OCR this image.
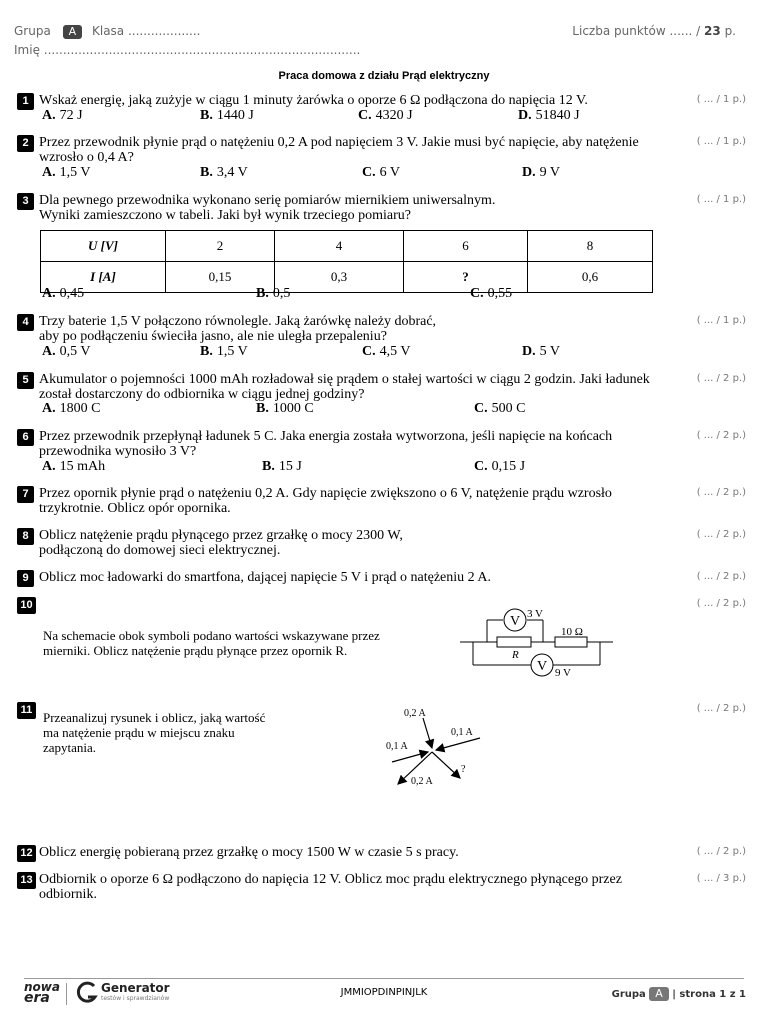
Grupa A Klasa ...................	Liczba punktów ...... / 23 p.
Imię ...................................................................................
Praca domowa z działu Prąd elektryczny
1 Wskaż energię, jaką zużyje w ciągu 1 minuty żarówka o oporze 6 Ω podłączona do napięcia 12 V.	( ... / 1 p.)
A. 72 J	B. 1440 J	C. 4320 J	D. 51840 J
2 Przez przewodnik płynie prąd o natężeniu 0,2 A pod napięciem 3 V. Jakie musi być napięcie, aby natężenie
wzrosło o 0,4 A?
( ... / 1 p.)
A. 1,5 V	B. 3,4 V	C. 6 V	D. 9 V
3 Dla pewnego przewodnika wykonano serię pomiarów miernikiem uniwersalnym.
Wyniki zamieszczono w tabeli. Jaki był wynik trzeciego pomiaru?
( ... / 1 p.)
U [V]	2	4	6	8
I [A]	0,15	0,3	?	0,6
A. 0,45	B. 0,5	C. 0,55
4 Trzy baterie 1,5 V połączono równolegle. Jaką żarówkę należy dobrać,
aby po podłączeniu świeciła jasno, ale nie uległa przepaleniu?
( ... / 1 p.)
A. 0,5 V	B. 1,5 V	C. 4,5 V	D. 5 V
5 Akumulator o pojemności 1000 mAh rozładował się prądem o stałej wartości w ciągu 2 godzin. Jaki ładunek
został dostarczony do odbiornika w ciągu jednej godziny?
( ... / 2 p.)
A. 1800 C	B. 1000 C	C. 500 C
6 Przez przewodnik przepłynął ładunek 5 C. Jaka energia została wytworzona, jeśli napięcie na końcach
przewodnika wynosiło 3 V?
( ... / 2 p.)
A. 15 mAh	B. 15 J	C. 0,15 J
7 Przez opornik płynie prąd o natężeniu 0,2 A. Gdy napięcie zwiększono o 6 V, natężenie prądu wzrosło
trzykrotnie. Oblicz opór opornika.
( ... / 2 p.)
8 Oblicz natężenie prądu płynącego przez grzałkę o mocy 2300 W,
podłączoną do domowej sieci elektrycznej.
( ... / 2 p.)
9 Oblicz moc ładowarki do smartfona, dającej napięcie 5 V i prąd o natężeniu 2 A.	( ... / 2 p.)
10	( ... / 2 p.)
Na schemacie obok symboli podano wartości wskazywane przez
mierniki. Oblicz natężenie prądu płynące przez opornik R.
V
V
3 V
10 Ω
R
9 V
11	( ... / 2 p.)
Przeanalizuj rysunek i oblicz, jaką wartość
ma natężenie prądu w miejscu znaku
zapytania.
0,2 A
0,1 A
0,1 A
0,2 A
?
12 Oblicz energię pobieraną przez grzałkę o mocy 1500 W w czasie 5 s pracy.	( ... / 2 p.)
13 Odbiornik o oporze 6 Ω podłączono do napięcia 12 V. Oblicz moc prądu elektrycznego płynącego przez
odbiornik.
( ... / 3 p.)
nowa
era
Generator
testów i sprawdzianów
JMMIOPDINPINJLK	Grupa A | strona 1 z 1
